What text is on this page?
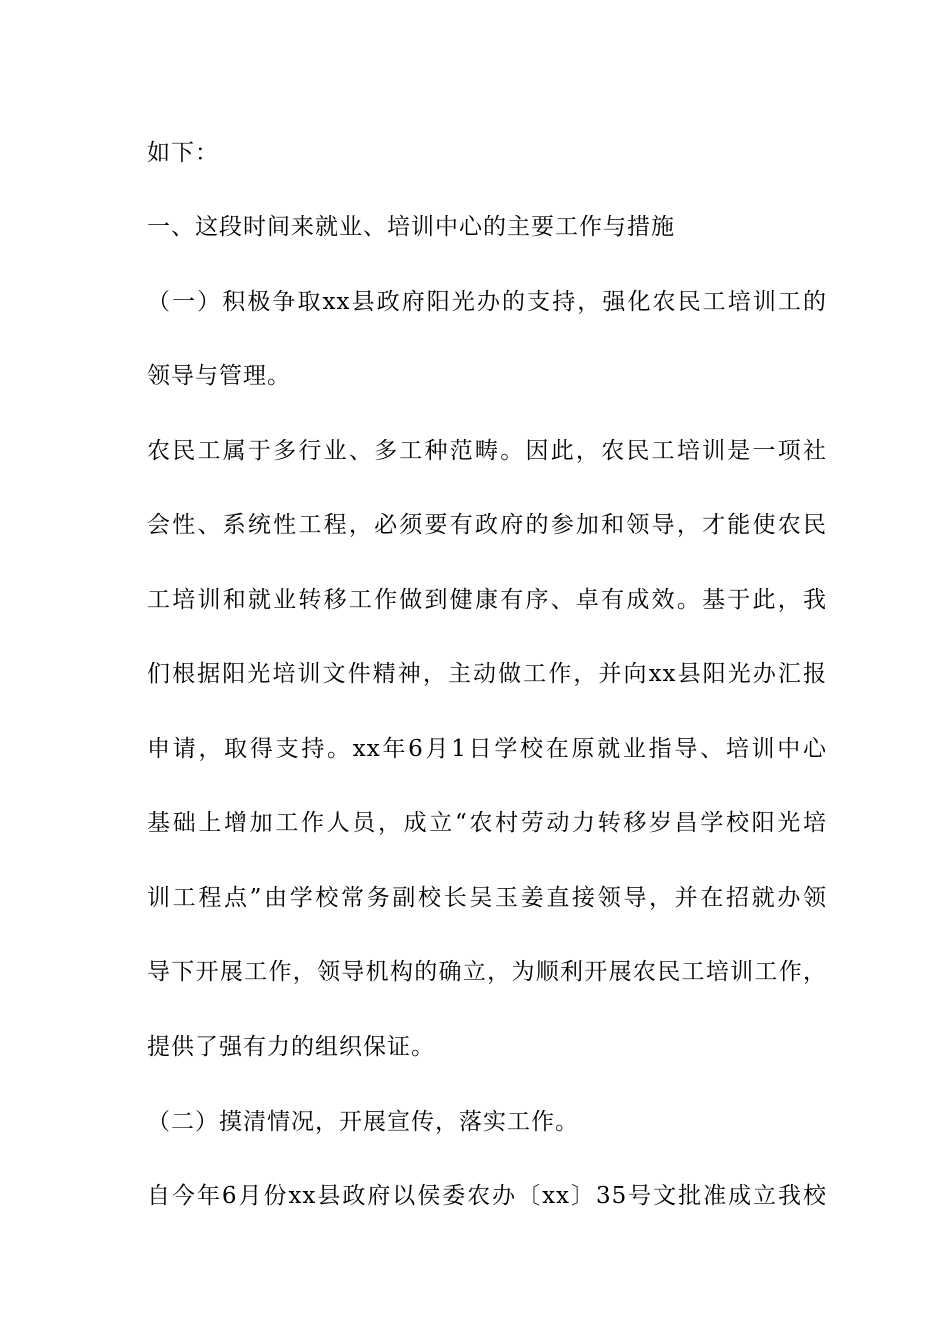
如下：
一、这段时间来就业、培训中心的主要工作与措施
（一）积极争取xx县政府阳光办的支持，强化农民工培训工的
领导与管理。
农民工属于多行业、多工种范畴。因此，农民工培训是一项社
会性、系统性工程，必须要有政府的参加和领导，才能使农民
工培训和就业转移工作做到健康有序、卓有成效。基于此，我
们根据阳光培训文件精神，主动做工作，并向xx县阳光办汇报
申请，取得支持。xx年6月1日学校在原就业指导、培训中心
基础上增加工作人员，成立“农村劳动力转移岁昌学校阳光培
训工程点”由学校常务副校长吴玉姜直接领导，并在招就办领
导下开展工作，领导机构的确立，为顺利开展农民工培训工作，
提供了强有力的组织保证。
（二）摸清情况，开展宣传，落实工作。
自今年6月份xx县政府以侯委农办〔xx〕35号文批准成立我校
